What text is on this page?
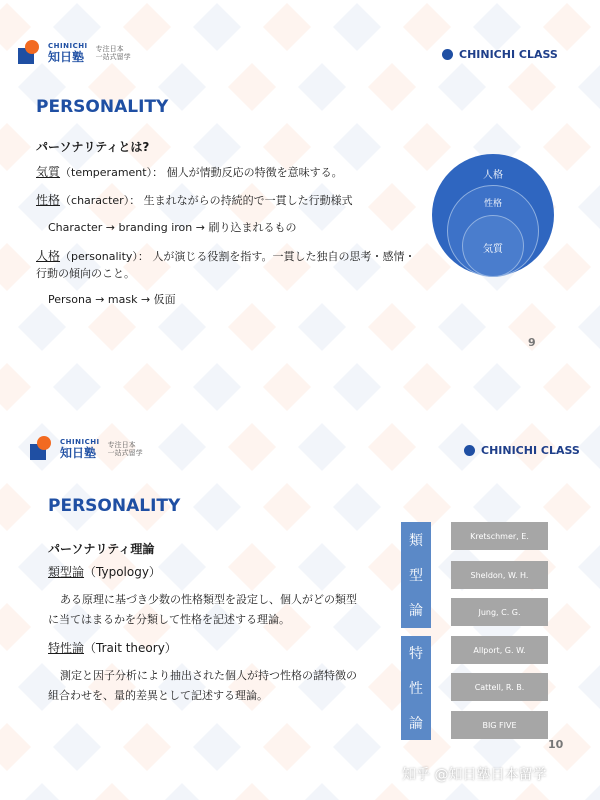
CHINICHI
知日塾
专注日本
一站式留学	CHINICHI CLASS
PERSONALITY
パーソナリティとは?
気質（temperament）： 個人が情動反応の特徴を意味する。
性格（character）： 生まれながらの持続的で一貫した行動様式
Character → branding iron → 刷り込まれるもの
人格（personality）： 人が演じる役割を指す。一貫した独自の思考・感情・
行動の傾向のこと。
Persona → mask → 仮面
人格
性格
気質
9
CHINICHI
知日塾
专注日本
一站式留学	CHINICHI CLASS
PERSONALITY
パーソナリティ理論
類型論（Typology）
ある原理に基づき少数の性格類型を設定し、個人がどの類型
に当てはまるかを分類して性格を記述する理論。
特性論（Trait theory）
測定と因子分析により抽出された個人が持つ性格の諸特徴の
組合わせを、量的差異として記述する理論。
類
型
論
Kretschmer, E.
Sheldon, W. H.
Jung, C. G.
特
性
論
Allport, G. W.
Cattell, R. B.
BIG FIVE
10
知乎 @知日塾日本留学
